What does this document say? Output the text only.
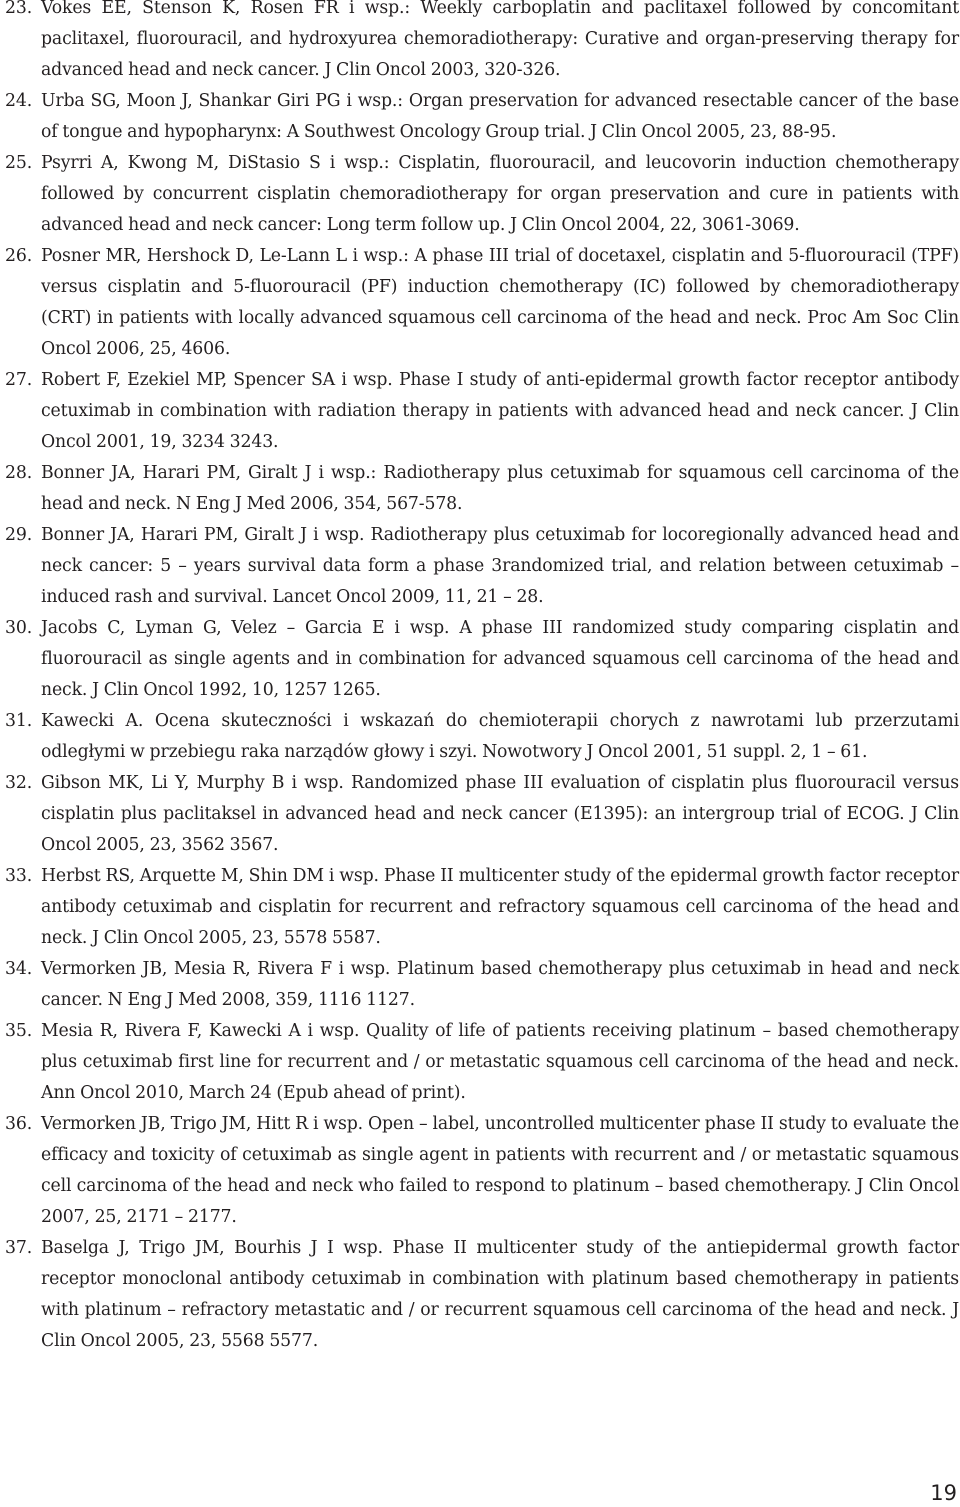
23. Vokes EE, Stenson K, Rosen FR i wsp.: Weekly carboplatin and paclitaxel followed by concomitant paclitaxel, fluorouracil, and hydroxyurea chemoradiotherapy: Curative and organ-preserving therapy for advanced head and neck cancer. J Clin Oncol 2003, 320-326.
24. Urba SG, Moon J, Shankar Giri PG i wsp.: Organ preservation for advanced resectable cancer of the base of tongue and hypopharynx: A Southwest Oncology Group trial. J Clin Oncol 2005, 23, 88-95.
25. Psyrri A, Kwong M, DiStasio S i wsp.: Cisplatin, fluorouracil, and leucovorin induction chemotherapy followed by concurrent cisplatin chemoradiotherapy for organ preservation and cure in patients with advanced head and neck cancer: Long term follow up. J Clin Oncol 2004, 22, 3061-3069.
26. Posner MR, Hershock D, Le-Lann L i wsp.: A phase III trial of docetaxel, cisplatin and 5-fluorouracil (TPF) versus cisplatin and 5-fluorouracil (PF) induction chemotherapy (IC) followed by chemoradiotherapy (CRT) in patients with locally advanced squamous cell carcinoma of the head and neck. Proc Am Soc Clin Oncol 2006, 25, 4606.
27. Robert F, Ezekiel MP, Spencer SA i wsp. Phase I study of anti-epidermal growth factor receptor antibody cetuximab in combination with radiation therapy in patients with advanced head and neck cancer. J Clin Oncol 2001, 19, 3234 3243.
28. Bonner JA, Harari PM, Giralt J i wsp.: Radiotherapy plus cetuximab for squamous cell carcinoma of the head and neck. N Eng J Med 2006, 354, 567-578.
29. Bonner JA, Harari PM, Giralt J i wsp. Radiotherapy plus cetuximab for locoregionally advanced head and neck cancer: 5 – years survival data form a phase 3randomized trial, and relation between cetuximab – induced rash and survival. Lancet Oncol 2009, 11, 21 – 28.
30. Jacobs C, Lyman G, Velez – Garcia E i wsp. A phase III randomized study comparing cisplatin and fluorouracil as single agents and in combination for advanced squamous cell carcinoma of the head and neck. J Clin Oncol 1992, 10, 1257 1265.
31. Kawecki A. Ocena skuteczności i wskazań do chemioterapii chorych z nawrotami lub przerzutami odległymi w przebiegu raka narządów głowy i szyi. Nowotwory J Oncol 2001, 51 suppl. 2, 1 – 61.
32. Gibson MK, Li Y, Murphy B i wsp. Randomized phase III evaluation of cisplatin plus fluorouracil versus cisplatin plus paclitaksel in advanced head and neck cancer (E1395): an intergroup trial of ECOG. J Clin Oncol 2005, 23, 3562 3567.
33. Herbst RS, Arquette M, Shin DM i wsp. Phase II multicenter study of the epidermal growth factor receptor antibody cetuximab and cisplatin for recurrent and refractory squamous cell carcinoma of the head and neck. J Clin Oncol 2005, 23, 5578 5587.
34. Vermorken JB, Mesia R, Rivera F i wsp. Platinum based chemotherapy plus cetuximab in head and neck cancer. N Eng J Med 2008, 359, 1116 1127.
35. Mesia R, Rivera F, Kawecki A i wsp. Quality of life of patients receiving platinum – based chemotherapy plus cetuximab first line for recurrent and / or metastatic squamous cell carcinoma of the head and neck. Ann Oncol 2010, March 24 (Epub ahead of print).
36. Vermorken JB, Trigo JM, Hitt R i wsp. Open – label, uncontrolled multicenter phase II study to evaluate the efficacy and toxicity of cetuximab as single agent in patients with recurrent and / or metastatic squamous cell carcinoma of the head and neck who failed to respond to platinum – based chemotherapy. J Clin Oncol 2007, 25, 2171 – 2177.
37. Baselga J, Trigo JM, Bourhis J I wsp. Phase II multicenter study of the antiepidermal growth factor receptor monoclonal antibody cetuximab in combination with platinum based chemotherapy in patients with platinum – refractory metastatic and / or recurrent squamous cell carcinoma of the head and neck. J Clin Oncol 2005, 23, 5568 5577.
19
